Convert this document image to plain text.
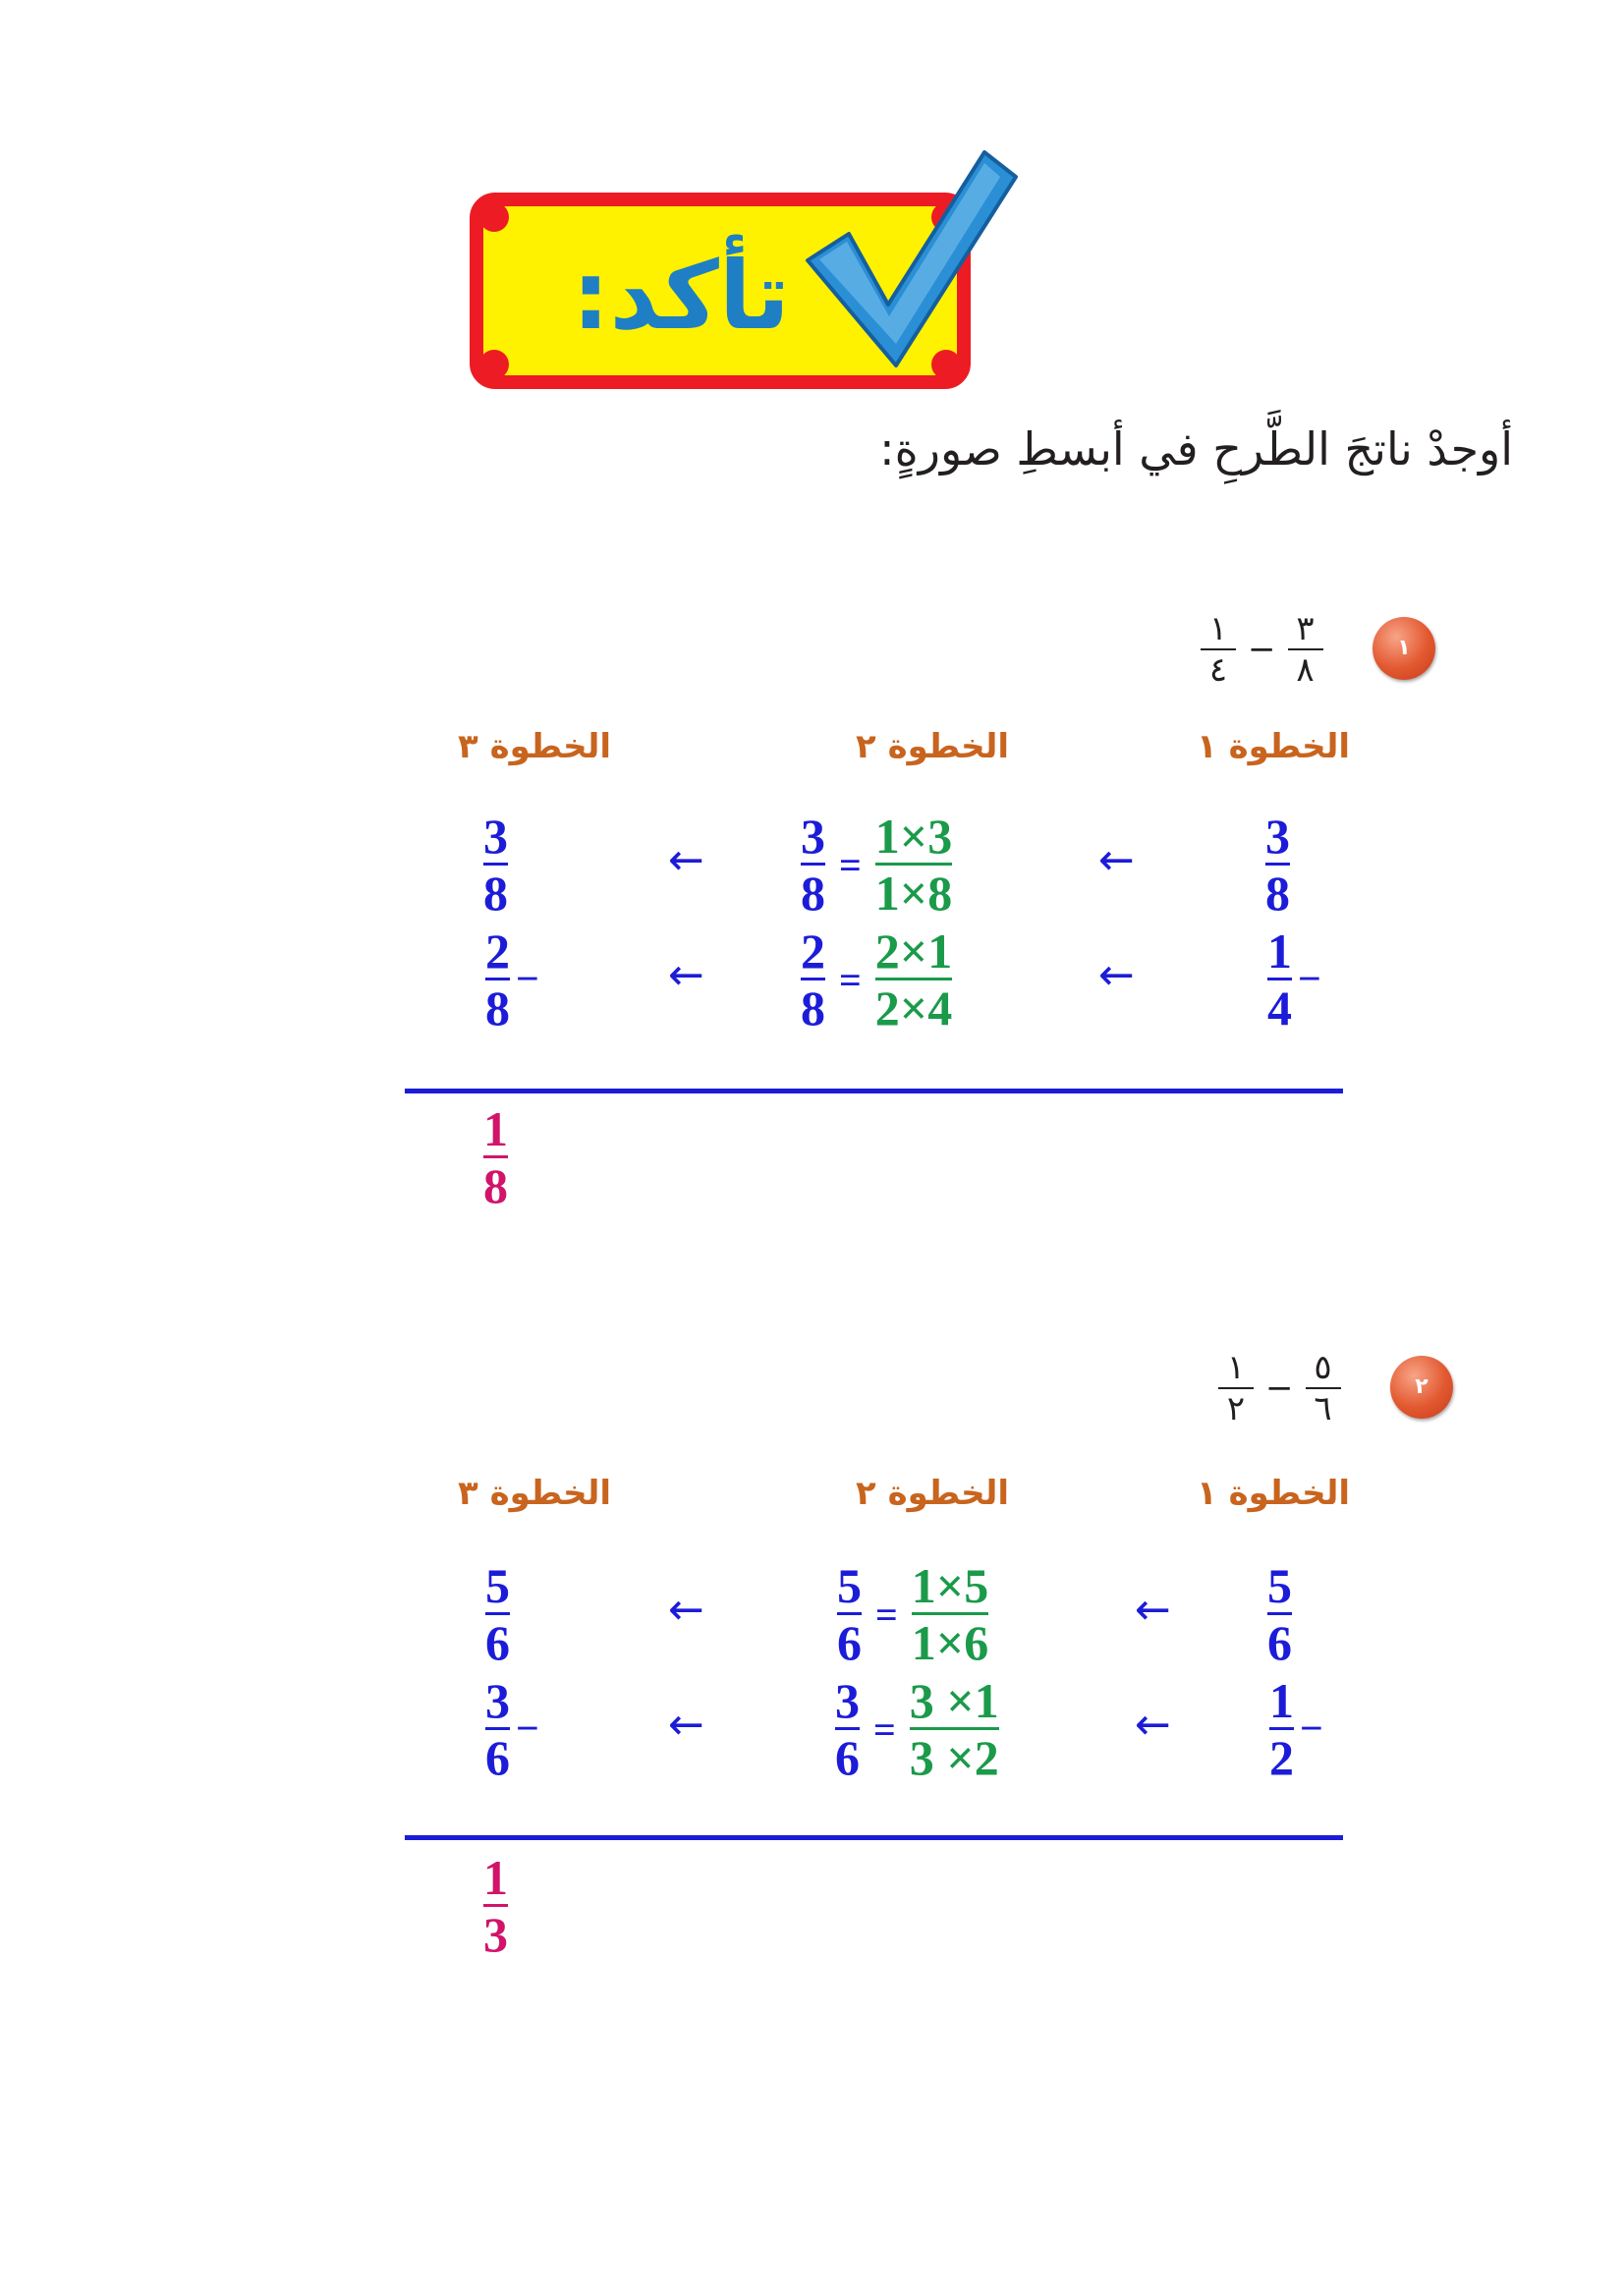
تأكد:
أوجدْ ناتجَ الطَّرحِ في أبسطِ صورةٍ:
١
١
٤
−
٣
٨
الخطوة ١
الخطوة ٢
الخطوة ٣
$\frac{3}{8}$
$\frac{1}{4}$ −
←
←
$\frac{3}{8} = \frac{1\times 3}{1\times 8}$
$\frac{2}{8} = \frac{2\times 1}{2\times 4}$
←
←
$\frac{3}{8}$
$\frac{2}{8}$ −
$\frac{1}{8}$
٢
١
٢
−
٥
٦
الخطوة ١
الخطوة ٢
الخطوة ٣
$\frac{5}{6}$
$\frac{1}{2}$ −
←
←
$\frac{5}{6} = \frac{1\times 5}{1\times 6}$
$\frac{3}{6} = \frac{3 \times 1}{3 \times 2}$
←
←
$\frac{5}{6}$
$\frac{3}{6}$ −
$\frac{1}{3}$
